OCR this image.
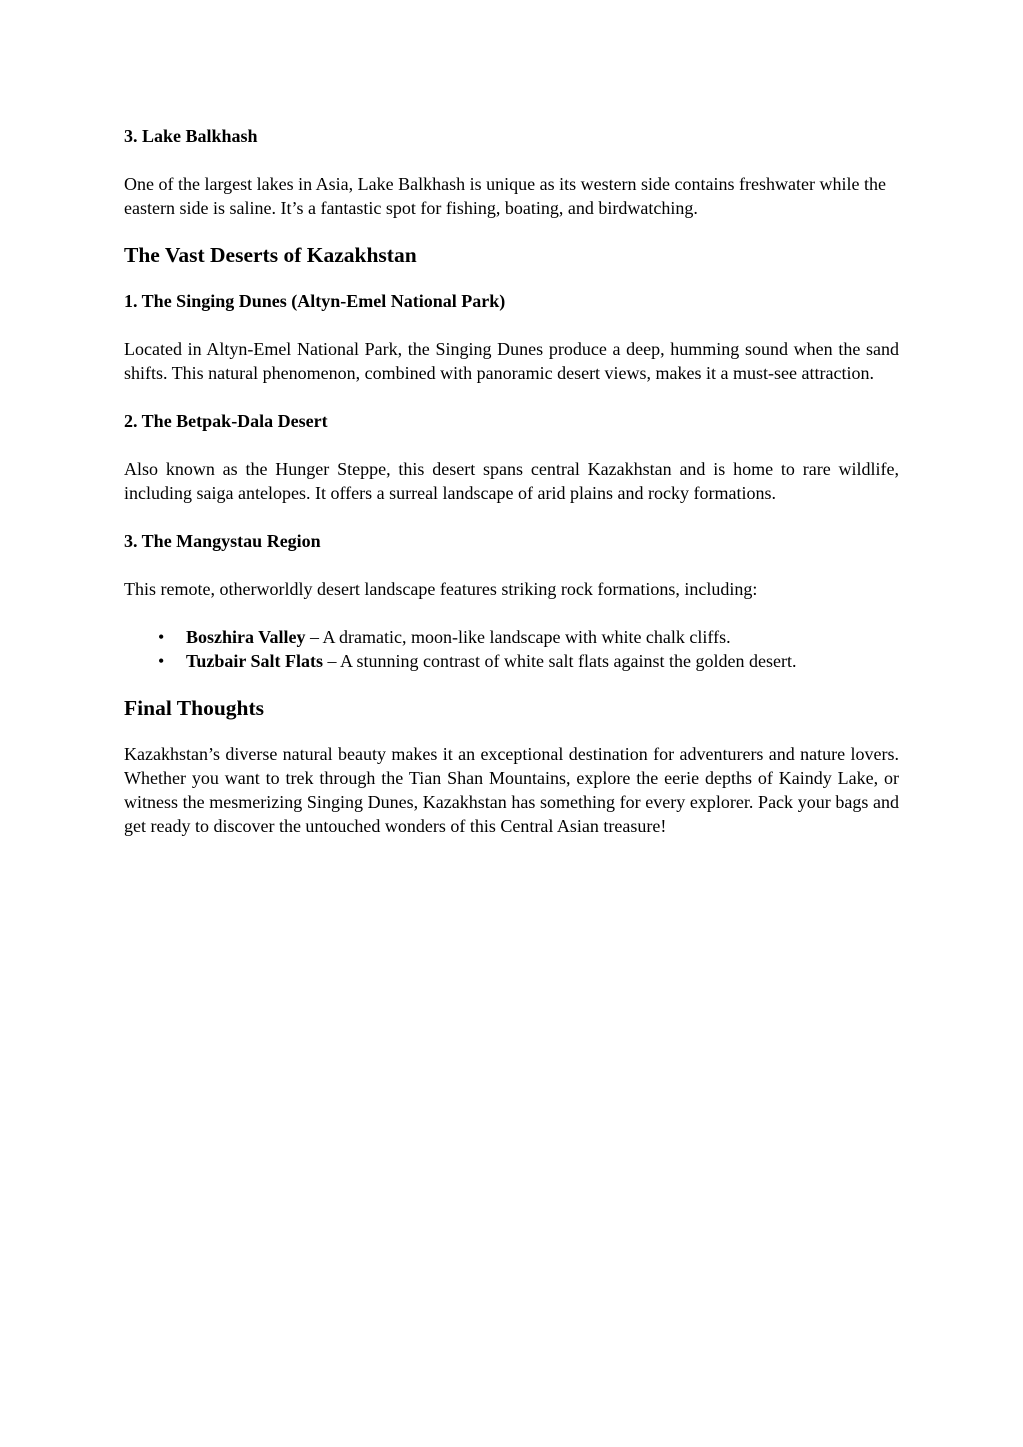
3. Lake Balkhash

One of the largest lakes in Asia, Lake Balkhash is unique as its western side contains freshwater while the eastern side is saline. It’s a fantastic spot for fishing, boating, and birdwatching.

The Vast Deserts of Kazakhstan
1. The Singing Dunes (Altyn-Emel National Park)

Located in Altyn-Emel National Park, the Singing Dunes produce a deep, humming sound when the sand shifts. This natural phenomenon, combined with panoramic desert views, makes it a must-see attraction.

2. The Betpak-Dala Desert

Also known as the Hunger Steppe, this desert spans central Kazakhstan and is home to rare wildlife, including saiga antelopes. It offers a surreal landscape of arid plains and rocky formations.

3. The Mangystau Region

This remote, otherworldly desert landscape features striking rock formations, including:

• Boszhira Valley – A dramatic, moon-like landscape with white chalk cliffs.
• Tuzbair Salt Flats – A stunning contrast of white salt flats against the golden desert.
Final Thoughts

Kazakhstan’s diverse natural beauty makes it an exceptional destination for adventurers and nature lovers. Whether you want to trek through the Tian Shan Mountains, explore the eerie depths of Kaindy Lake, or witness the mesmerizing Singing Dunes, Kazakhstan has something for every explorer. Pack your bags and get ready to discover the untouched wonders of this Central Asian treasure!
